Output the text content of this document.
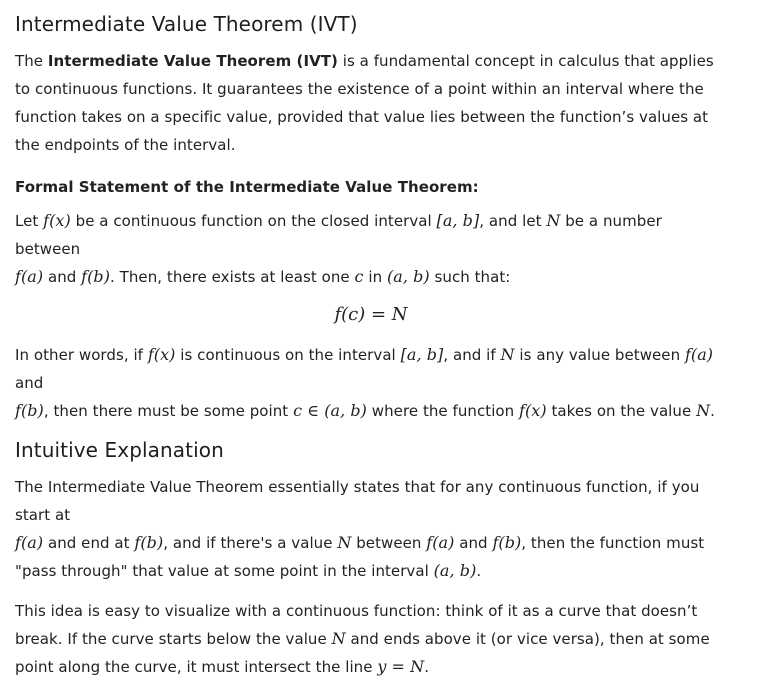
Intermediate Value Theorem (IVT)

The Intermediate Value Theorem (IVT) is a fundamental concept in calculus that applies to continuous functions. It guarantees the existence of a point within an interval where the function takes on a specific value, provided that value lies between the function’s values at the endpoints of the interval.

Formal Statement of the Intermediate Value Theorem:

Let f(x) be a continuous function on the closed interval [a, b], and let N be a number between
f(a) and f(b). Then, there exists at least one c in (a, b) such that:

f(c) = N

In other words, if f(x) is continuous on the interval [a, b], and if N is any value between f(a) and
f(b), then there must be some point c ∈ (a, b) where the function f(x) takes on the value N.

Intuitive Explanation

The Intermediate Value Theorem essentially states that for any continuous function, if you start at
f(a) and end at f(b), and if there's a value N between f(a) and f(b), then the function must "pass through" that value at some point in the interval (a, b).

This idea is easy to visualize with a continuous function: think of it as a curve that doesn’t break. If the curve starts below the value N and ends above it (or vice versa), then at some point along the curve, it must intersect the line y = N.
